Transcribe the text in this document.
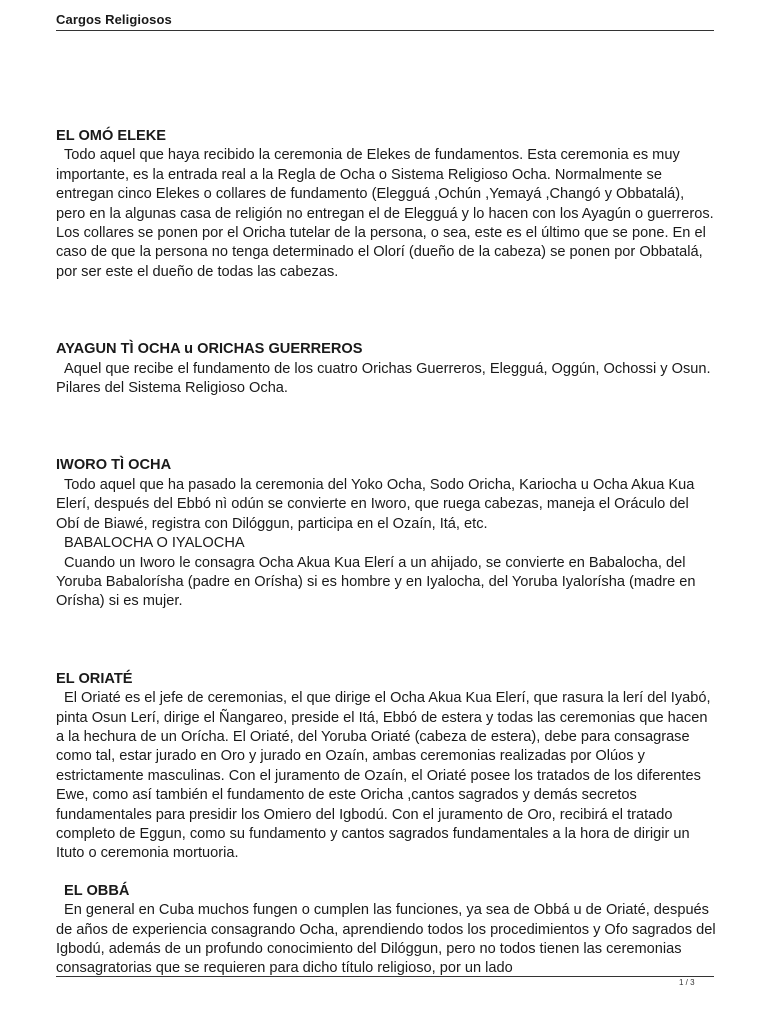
Cargos Religiosos

EL OMÓ ELEKE

Todo aquel que haya recibido la ceremonia de Elekes de fundamentos. Esta ceremonia es muy importante, es la entrada real a la Regla de Ocha o Sistema Religioso Ocha. Normalmente se entregan cinco Elekes o collares de fundamento (Elegguá ,Ochún ,Yemayá ,Changó y Obbatalá), pero en la algunas casa de religión no entregan el de Elegguá y lo hacen con los Ayagún o guerreros. Los collares se ponen por el Oricha tutelar de la persona, o sea, este es el último que se pone. En el caso de que la persona no tenga determinado el Olorí (dueño de la cabeza) se ponen por Obbatalá, por ser este el dueño de todas las cabezas.

AYAGUN TÌ OCHA u ORICHAS GUERREROS

Aquel que recibe el fundamento de los cuatro Orichas Guerreros, Elegguá, Oggún, Ochossi y Osun. Pilares del Sistema Religioso Ocha.

IWORO TÌ OCHA

Todo aquel que ha pasado la ceremonia del Yoko Ocha, Sodo Oricha, Kariocha u Ocha Akua Kua Elerí, después del Ebbó nì odún se convierte en Iworo, que ruega cabezas, maneja el Oráculo del Obí de Biawé, registra con Dilóggun, participa en el Ozaín, Itá, etc.

BABALOCHA O IYALOCHA

Cuando un Iworo le consagra Ocha Akua Kua Elerí a un ahijado, se convierte en Babalocha, del Yoruba Babalorísha (padre en Orísha) si es hombre y en Iyalocha, del Yoruba Iyalorísha (madre en Orísha) si es mujer.

EL ORIATÉ

El Oriaté es el jefe de ceremonias, el que dirige el Ocha Akua Kua Elerí, que rasura la lerí del Iyabó, pinta Osun Lerí, dirige el Ñangareo, preside el Itá, Ebbó de estera y todas las ceremonias que hacen a la hechura de un Orícha. El Oriaté, del Yoruba Oriaté (cabeza de estera), debe para consagrase como tal, estar jurado en Oro y jurado en Ozaín, ambas ceremonias realizadas por Olúos y estrictamente masculinas. Con el juramento de Ozaín, el Oriaté posee los tratados de los diferentes Ewe, como así también el fundamento de este Oricha ,cantos sagrados y demás secretos fundamentales para presidir los Omiero del Igbodú. Con el juramento de Oro, recibirá el tratado completo de Eggun, como su fundamento y cantos sagrados fundamentales a la hora de dirigir un Ituto o ceremonia mortuoria.

EL OBBÁ

En general en Cuba muchos fungen o cumplen las funciones, ya sea de Obbá u de Oriaté, después de años de experiencia consagrando Ocha, aprendiendo todos los procedimientos y Ofo sagrados del Igbodú, además de un profundo conocimiento del Dilóggun, pero no todos tienen las ceremonias consagratorias que se requieren para dicho título religioso, por un lado

1 / 3
